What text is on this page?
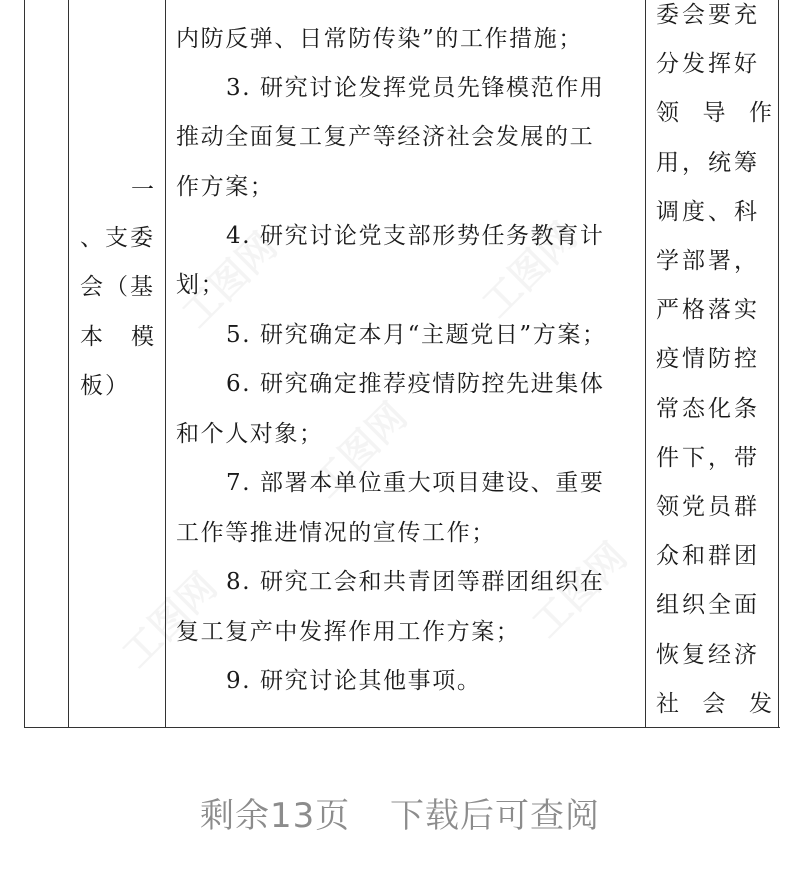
一
、支委
会（基
本 模
板）
内防反弹、日常防传染”的工作措施；
3. 研究讨论发挥党员先锋模范作用
推动全面复工复产等经济社会发展的工
作方案；
4. 研究讨论党支部形势任务教育计
划；
5. 研究确定本月“主题党日”方案；
6. 研究确定推荐疫情防控先进集体
和个人对象；
7. 部署本单位重大项目建设、重要
工作等推进情况的宣传工作；
8. 研究工会和共青团等群团组织在
复工复产中发挥作用工作方案；
9. 研究讨论其他事项。
委会要充
分发挥好
领 导 作
用，统筹
调度、科
学部署，
严格落实
疫情防控
常态化条
件下，带
领党员群
众和群团
组织全面
恢复经济
社 会 发
剩余13页 下载后可查阅
